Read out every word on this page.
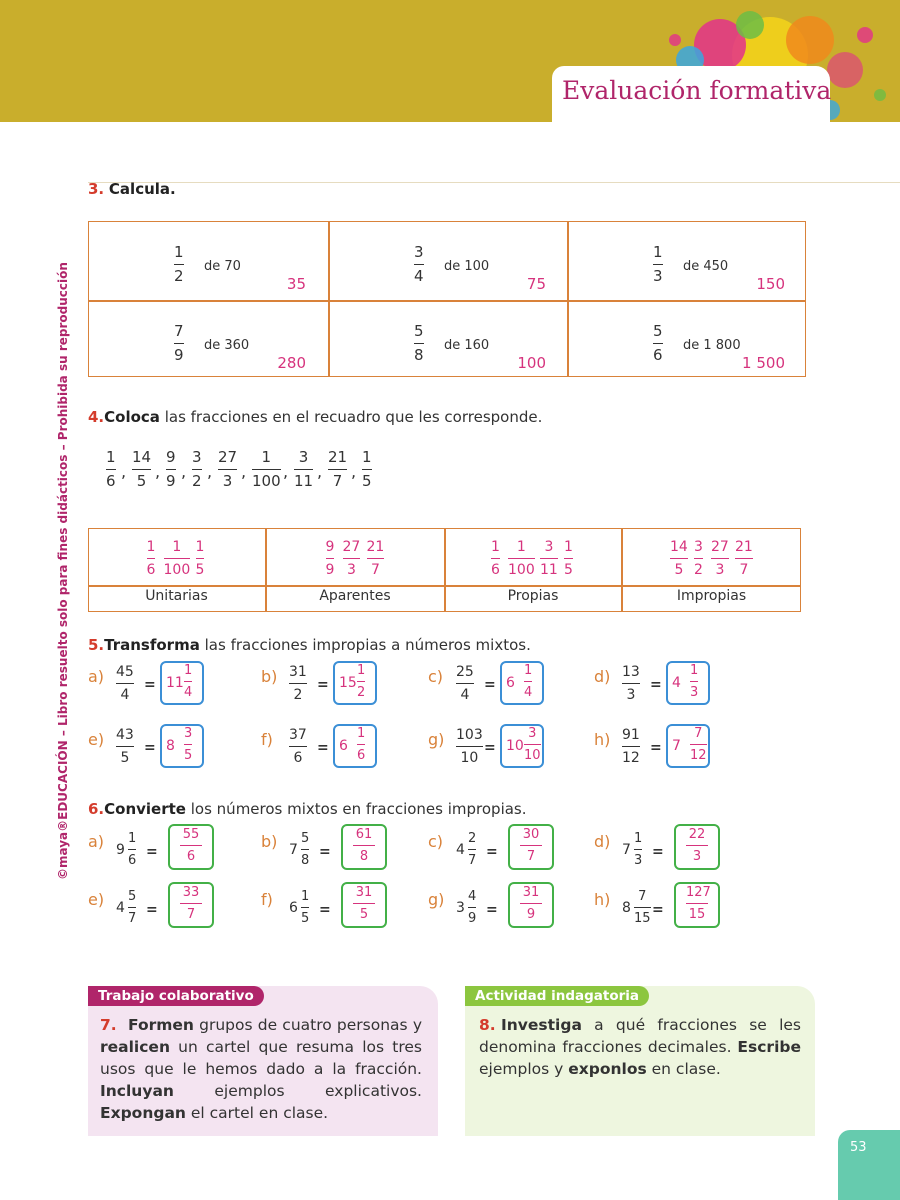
Evaluación formativa
©maya®EDUCACIÓN – Libro resuelto solo para fines didácticos – Prohibida su reproducción
3. Calcula.
1
2
de 70
35
3
4
de 100
75
1
3
de 450
150
7
9
de 360
280
5
8
de 160
100
5
6
de 1 800
1 500
4.Coloca las fracciones en el recuadro que les corresponde.
1
6 ,
14
5 ,
9
9 ,
3
2 ,
27
3 ,
1
100 ,
3
11 ,
21
7 ,
1
5
Unitarias
1
6
1
100
1
5
Aparentes
9
9
27
3
21
7
Propias
1
6
1
100
3
11
1
5
Impropias
14
5
3
2
27
3
21
7
5.Transforma las fracciones impropias a números mixtos.
a) 45
4
= 11
1
4
b) 31
2
= 15
1
2
c) 25
4
= 6
1
4
d) 13
3
= 4
1
3
e) 43
5
= 8
3
5
f) 37
6
= 6
1
6
g) 103
10
= 10
3
10
h) 91
12
= 7
7
12
6.Convierte los números mixtos en fracciones impropias.
a) 9
1
6
=
55
6
b) 7
5
8
=
61
8
c) 4
2
7
=
30
7
d) 7
1
3
=
22
3
e) 4
5
7
=
33
7
f) 6
1
5
=
31
5
g) 3
4
9
=
31
9
h) 8
7
15
=
127
15
Trabajo colaborativo
7. Formen grupos de cuatro personas y realicen un cartel que resuma los tres usos que le hemos dado a la fracción. Incluyan ejemplos explicativos. Expongan el cartel en clase.
Actividad indagatoria
8. Investiga a qué fracciones se les denomina fracciones decimales. Escribe ejemplos y exponlos en clase.
53
